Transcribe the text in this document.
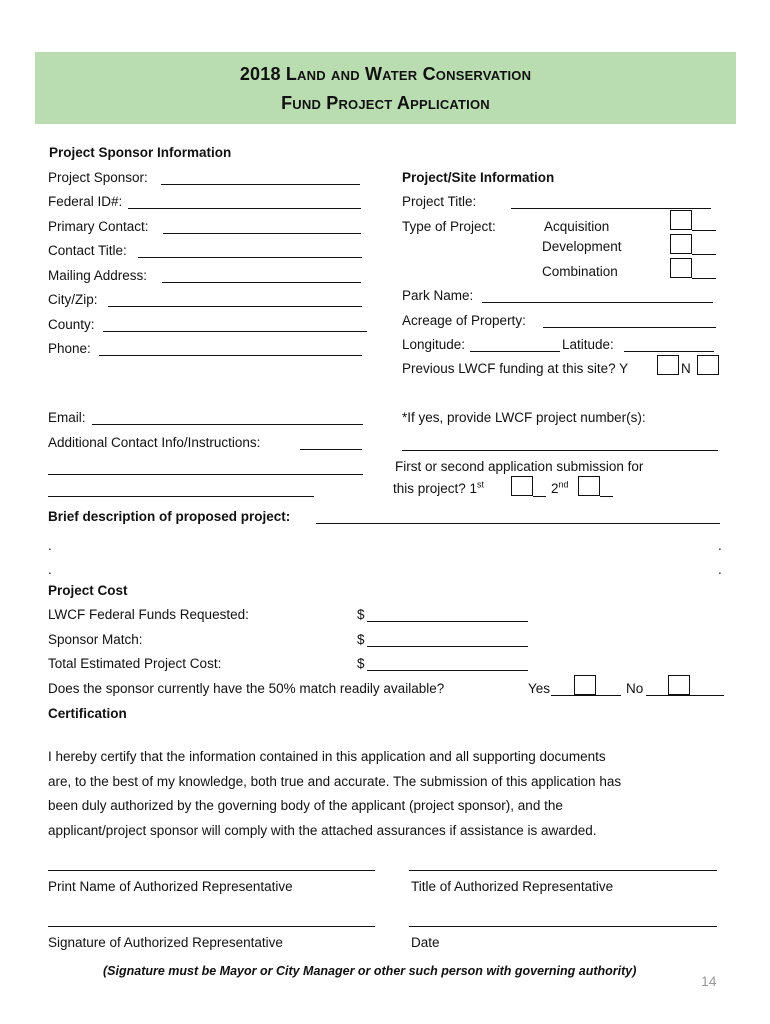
2018 Land and Water Conservation
Fund Project Application
Project Sponsor Information
Project Sponsor:
Federal ID#:
Primary Contact:
Contact Title:
Mailing Address:
City/Zip:
County:
Phone:
Email:
Additional Contact Info/Instructions:
Project/Site Information
Project Title:
Type of Project:	Acquisition
Development
Combination
Park Name:
Acreage of Property:
Longitude:	Latitude:
Previous LWCF funding at this site? Y	N
*If yes, provide LWCF project number(s):
First or second application submission for
this project? 1st	2nd
Brief description of proposed project:
.	.
.	.
Project Cost
LWCF Federal Funds Requested:	$
Sponsor Match:	$
Total Estimated Project Cost:	$
Does the sponsor currently have the 50% match readily available?	Yes	No
Certification
I hereby certify that the information contained in this application and all supporting documents
are, to the best of my knowledge, both true and accurate. The submission of this application has
been duly authorized by the governing body of the applicant (project sponsor), and the
applicant/project sponsor will comply with the attached assurances if assistance is awarded.
Print Name of Authorized Representative	Title of Authorized Representative
Signature of Authorized Representative	Date
(Signature must be Mayor or City Manager or other such person with governing authority)
14
